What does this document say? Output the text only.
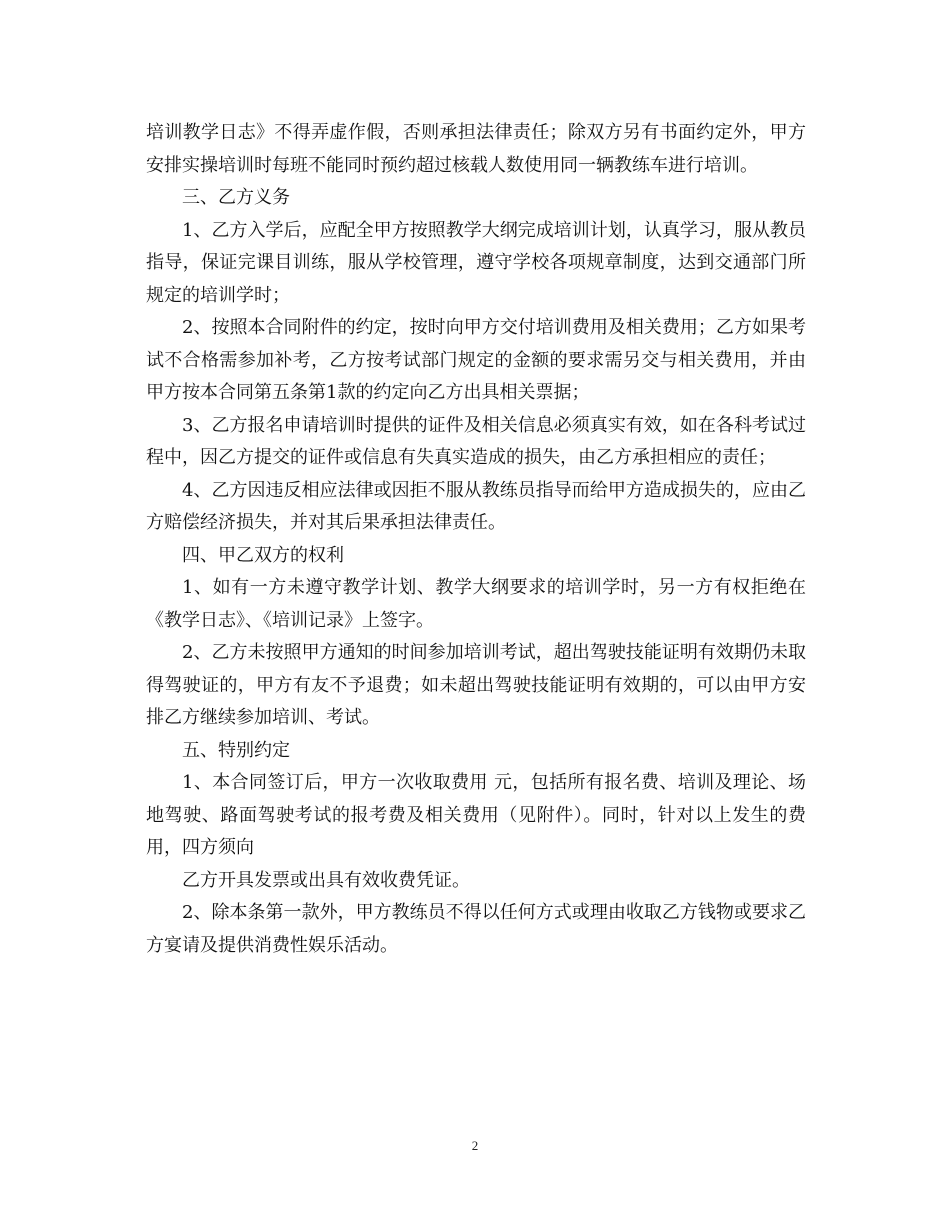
培训教学日志》不得弄虚作假，否则承担法律责任；除双方另有书面约定外，甲方安排实操培训时每班不能同时预约超过核载人数使用同一辆教练车进行培训。

三、乙方义务

1、乙方入学后，应配全甲方按照教学大纲完成培训计划，认真学习，服从教员指导，保证完课目训练，服从学校管理，遵守学校各项规章制度，达到交通部门所规定的培训学时；

2、按照本合同附件的约定，按时向甲方交付培训费用及相关费用；乙方如果考试不合格需参加补考，乙方按考试部门规定的金额的要求需另交与相关费用，并由甲方按本合同第五条第1款的约定向乙方出具相关票据；

3、乙方报名申请培训时提供的证件及相关信息必须真实有效，如在各科考试过程中，因乙方提交的证件或信息有失真实造成的损失，由乙方承担相应的责任；

4、乙方因违反相应法律或因拒不服从教练员指导而给甲方造成损失的，应由乙方赔偿经济损失，并对其后果承担法律责任。

四、甲乙双方的权利

1、如有一方未遵守教学计划、教学大纲要求的培训学时，另一方有权拒绝在《教学日志》、《培训记录》上签字。

2、乙方未按照甲方通知的时间参加培训考试，超出驾驶技能证明有效期仍未取得驾驶证的，甲方有友不予退费；如未超出驾驶技能证明有效期的，可以由甲方安排乙方继续参加培训、考试。

五、特别约定

1、本合同签订后，甲方一次收取费用 元，包括所有报名费、培训及理论、场地驾驶、路面驾驶考试的报考费及相关费用（见附件）。同时，针对以上发生的费用，四方须向

乙方开具发票或出具有效收费凭证。

2、除本条第一款外，甲方教练员不得以任何方式或理由收取乙方钱物或要求乙方宴请及提供消费性娱乐活动。

2
